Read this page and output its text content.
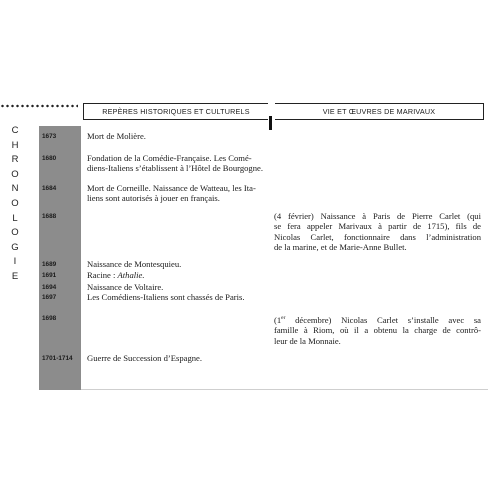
REPÈRES HISTORIQUES ET CULTURELS	VIE ET ŒUVRES DE MARIVAUX
C
H
R
O
N
O
L
O
G
I
E
1673
1680
1684
1688
1689
1691
1694
1697
1698
1701-1714
Mort de Molière.
Fondation de la Comédie-Française. Les Comé-
diens-Italiens s’établissent à l’Hôtel de Bourgogne.
Mort de Corneille. Naissance de Watteau, les Ita-
liens sont autorisés à jouer en français.
Naissance de Montesquieu.
Racine : Athalie.
Naissance de Voltaire.
Les Comédiens-Italiens sont chassés de Paris.
Guerre de Succession d’Espagne.
(4 février) Naissance à Paris de Pierre Carlet (qui
se fera appeler Marivaux à partir de 1715), fils de
Nicolas Carlet, fonctionnaire dans l’administration
de la marine, et de Marie-Anne Bullet.
(1er décembre) Nicolas Carlet s’installe avec sa
famille à Riom, où il a obtenu la charge de contrô-
leur de la Monnaie.
